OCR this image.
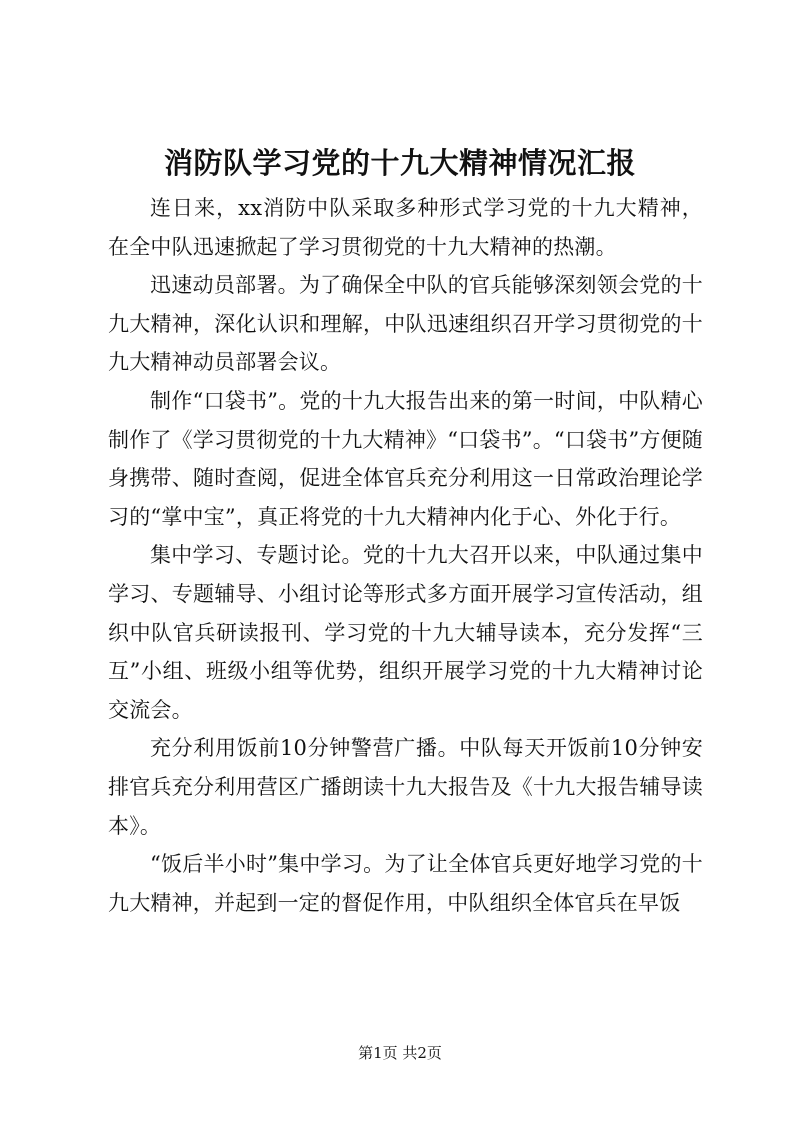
消防队学习党的十九大精神情况汇报

连日来，xx消防中队采取多种形式学习党的十九大精神，在全中队迅速掀起了学习贯彻党的十九大精神的热潮。

迅速动员部署。为了确保全中队的官兵能够深刻领会党的十九大精神，深化认识和理解，中队迅速组织召开学习贯彻党的十九大精神动员部署会议。

制作“口袋书”。党的十九大报告出来的第一时间，中队精心制作了《学习贯彻党的十九大精神》“口袋书”。“口袋书”方便随身携带、随时查阅，促进全体官兵充分利用这一日常政治理论学习的“掌中宝”，真正将党的十九大精神内化于心、外化于行。

集中学习、专题讨论。党的十九大召开以来，中队通过集中学习、专题辅导、小组讨论等形式多方面开展学习宣传活动，组织中队官兵研读报刊、学习党的十九大辅导读本，充分发挥“三互”小组、班级小组等优势，组织开展学习党的十九大精神讨论交流会。

充分利用饭前10分钟警营广播。中队每天开饭前10分钟安排官兵充分利用营区广播朗读十九大报告及《十九大报告辅导读本》。

“饭后半小时”集中学习。为了让全体官兵更好地学习党的十九大精神，并起到一定的督促作用，中队组织全体官兵在早饭

第1页 共2页
